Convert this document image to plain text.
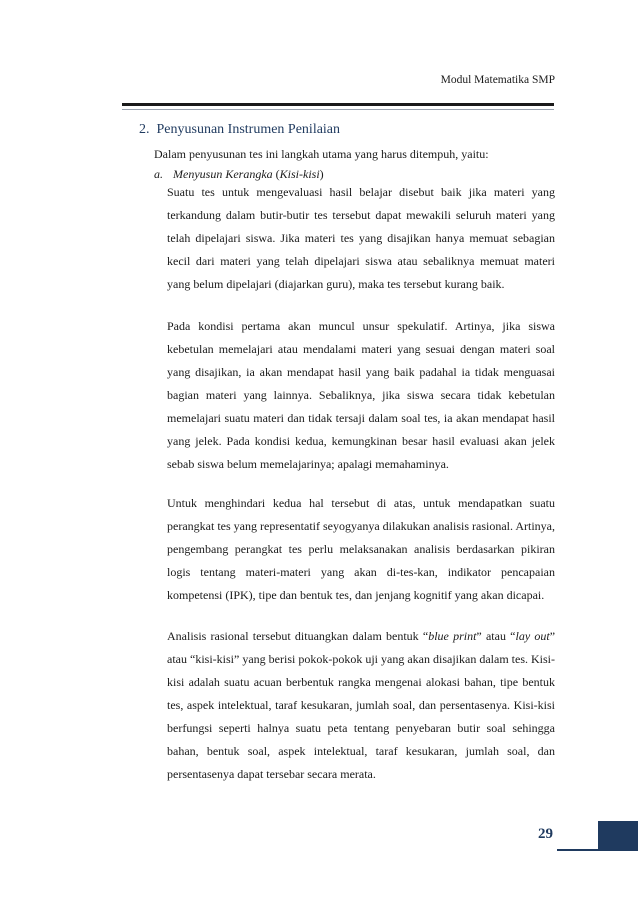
Modul Matematika SMP
2. Penyusunan Instrumen Penilaian
Dalam penyusunan tes ini langkah utama yang harus ditempuh, yaitu:
a. Menyusun Kerangka (Kisi-kisi)

Suatu tes untuk mengevaluasi hasil belajar disebut baik jika materi yang terkandung dalam butir-butir tes tersebut dapat mewakili seluruh materi yang telah dipelajari siswa. Jika materi tes yang disajikan hanya memuat sebagian kecil dari materi yang telah dipelajari siswa atau sebaliknya memuat materi yang belum dipelajari (diajarkan guru), maka tes tersebut kurang baik.

Pada kondisi pertama akan muncul unsur spekulatif. Artinya, jika siswa kebetulan memelajari atau mendalami materi yang sesuai dengan materi soal yang disajikan, ia akan mendapat hasil yang baik padahal ia tidak menguasai bagian materi yang lainnya. Sebaliknya, jika siswa secara tidak kebetulan memelajari suatu materi dan tidak tersaji dalam soal tes, ia akan mendapat hasil yang jelek. Pada kondisi kedua, kemungkinan besar hasil evaluasi akan jelek sebab siswa belum memelajarinya; apalagi memahaminya.

Untuk menghindari kedua hal tersebut di atas, untuk mendapatkan suatu perangkat tes yang representatif seyogyanya dilakukan analisis rasional. Artinya, pengembang perangkat tes perlu melaksanakan analisis berdasarkan pikiran logis tentang materi-materi yang akan di-tes-kan, indikator pencapaian kompetensi (IPK), tipe dan bentuk tes, dan jenjang kognitif yang akan dicapai.

Analisis rasional tersebut dituangkan dalam bentuk “blue print” atau “lay out” atau “kisi-kisi” yang berisi pokok-pokok uji yang akan disajikan dalam tes. Kisi-kisi adalah suatu acuan berbentuk rangka mengenai alokasi bahan, tipe bentuk tes, aspek intelektual, taraf kesukaran, jumlah soal, dan persentasenya. Kisi-kisi berfungsi seperti halnya suatu peta tentang penyebaran butir soal sehingga bahan, bentuk soal, aspek intelektual, taraf kesukaran, jumlah soal, dan persentasenya dapat tersebar secara merata.

29
